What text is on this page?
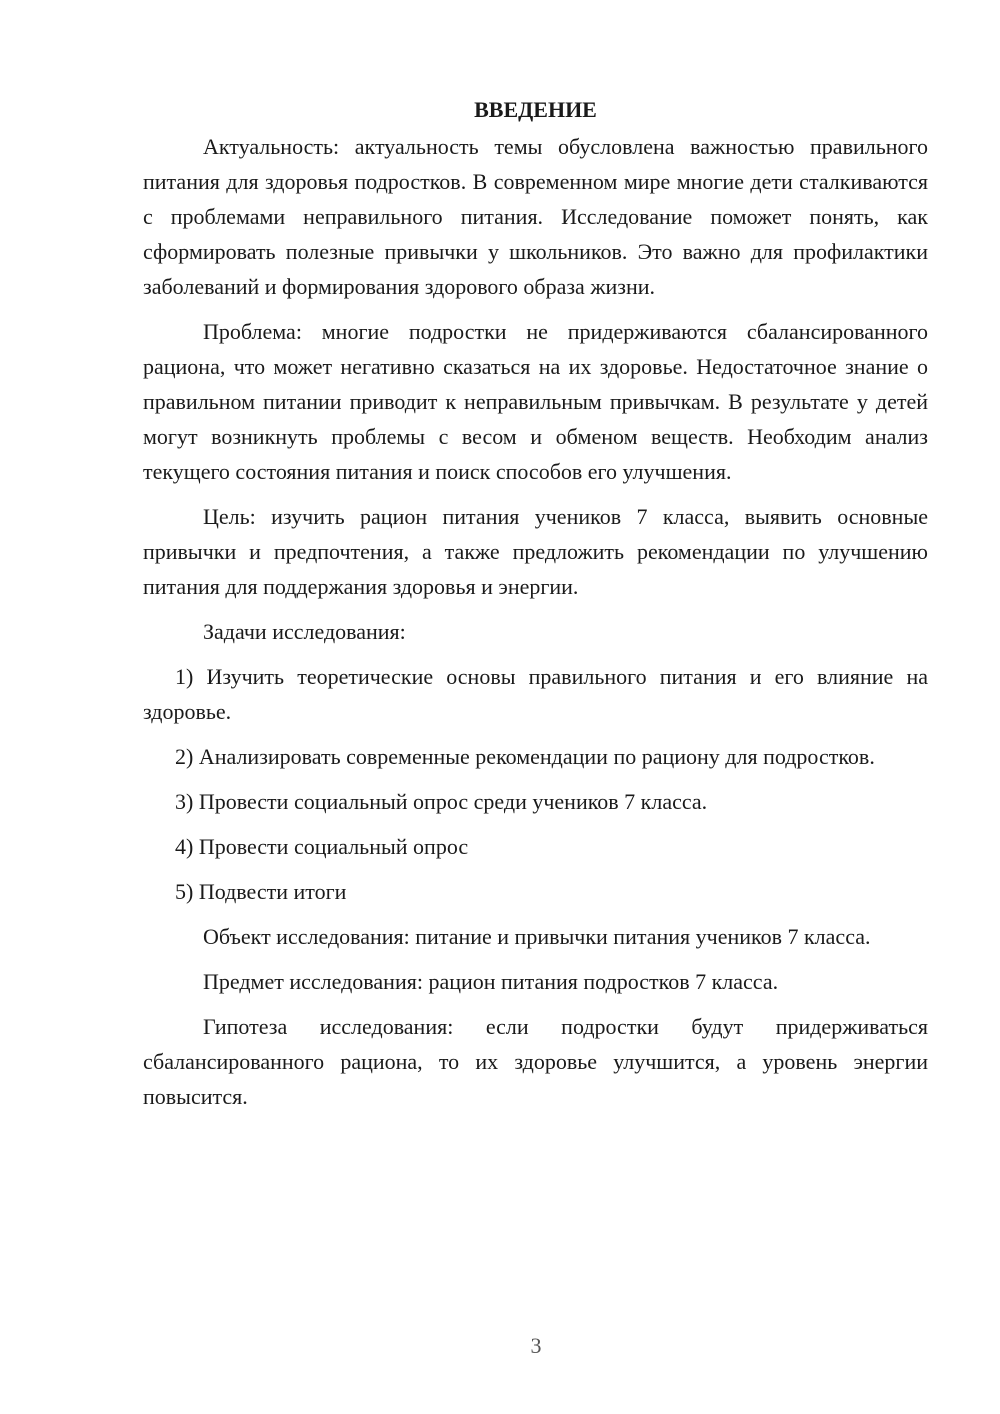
ВВЕДЕНИЕ

Актуальность: актуальность темы обусловлена важностью правильного питания для здоровья подростков. В современном мире многие дети сталкиваются с проблемами неправильного питания. Исследование поможет понять, как сформировать полезные привычки у школьников. Это важно для профилактики заболеваний и формирования здорового образа жизни.

Проблема: многие подростки не придерживаются сбалансированного рациона, что может негативно сказаться на их здоровье. Недостаточное знание о правильном питании приводит к неправильным привычкам. В результате у детей могут возникнуть проблемы с весом и обменом веществ. Необходим анализ текущего состояния питания и поиск способов его улучшения.

Цель: изучить рацион питания учеников 7 класса, выявить основные привычки и предпочтения, а также предложить рекомендации по улучшению питания для поддержания здоровья и энергии.

Задачи исследования:

1) Изучить теоретические основы правильного питания и его влияние на здоровье.

2) Анализировать современные рекомендации по рациону для подростков.

3) Провести социальный опрос среди учеников 7 класса.

4) Провести социальный опрос

5) Подвести итоги

Объект исследования: питание и привычки питания учеников 7 класса.

Предмет исследования: рацион питания подростков 7 класса.

Гипотеза исследования: если подростки будут придерживаться сбалансированного рациона, то их здоровье улучшится, а уровень энергии повысится.

3
